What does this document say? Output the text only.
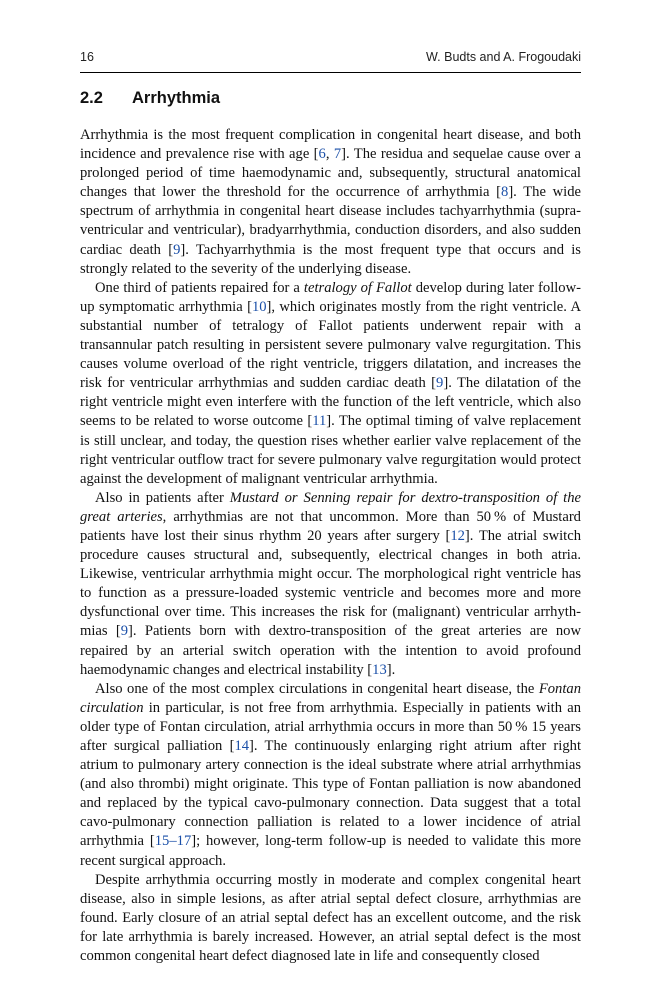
16	W. Budts and A. Frogoudaki
2.2 Arrhythmia

Arrhythmia is the most frequent complication in congenital heart disease, and both incidence and prevalence rise with age [6, 7]. The residua and sequelae cause over a prolonged period of time haemodynamic and, subsequently, structural anatomical changes that lower the threshold for the occurrence of arrhythmia [8]. The wide spectrum of arrhythmia in congenital heart disease includes tachyarrhythmia (supraventricular and ventricular), bradyarrhythmia, conduction disorders, and also sudden cardiac death [9]. Tachyarrhythmia is the most frequent type that occurs and is strongly related to the severity of the underlying disease.

One third of patients repaired for a tetralogy of Fallot develop during later follow-up symptomatic arrhythmia [10], which originates mostly from the right ventricle. A substantial number of tetralogy of Fallot patients underwent repair with a transannular patch resulting in persistent severe pulmonary valve regurgitation. This causes volume overload of the right ventricle, triggers dilatation, and increases the risk for ventricular arrhythmias and sudden cardiac death [9]. The dilatation of the right ventricle might even interfere with the function of the left ventricle, which also seems to be related to worse outcome [11]. The optimal timing of valve replacement is still unclear, and today, the question rises whether earlier valve replacement of the right ventricular outflow tract for severe pulmonary valve regurgitation would protect against the development of malignant ventricular arrhythmia.

Also in patients after Mustard or Senning repair for dextro-transposition of the great arteries, arrhythmias are not that uncommon. More than 50 % of Mustard patients have lost their sinus rhythm 20 years after surgery [12]. The atrial switch procedure causes structural and, subsequently, electrical changes in both atria. Likewise, ventricular arrhythmia might occur. The morphological right ventricle has to function as a pressure-loaded systemic ventricle and becomes more and more dysfunctional over time. This increases the risk for (malignant) ventricular arrhythmias [9]. Patients born with dextro-transposition of the great arteries are now repaired by an arterial switch operation with the intention to avoid profound haemodynamic changes and electrical instability [13].

Also one of the most complex circulations in congenital heart disease, the Fontan circulation in particular, is not free from arrhythmia. Especially in patients with an older type of Fontan circulation, atrial arrhythmia occurs in more than 50 % 15 years after surgical palliation [14]. The continuously enlarging right atrium after right atrium to pulmonary artery connection is the ideal substrate where atrial arrhythmias (and also thrombi) might originate. This type of Fontan palliation is now abandoned and replaced by the typical cavo-pulmonary connection. Data suggest that a total cavo-pulmonary connection palliation is related to a lower incidence of atrial arrhythmia [15–17]; however, long-term follow-up is needed to validate this more recent surgical approach.

Despite arrhythmia occurring mostly in moderate and complex congenital heart disease, also in simple lesions, as after atrial septal defect closure, arrhythmias are found. Early closure of an atrial septal defect has an excellent outcome, and the risk for late arrhythmia is barely increased. However, an atrial septal defect is the most common congenital heart defect diagnosed late in life and consequently closed
